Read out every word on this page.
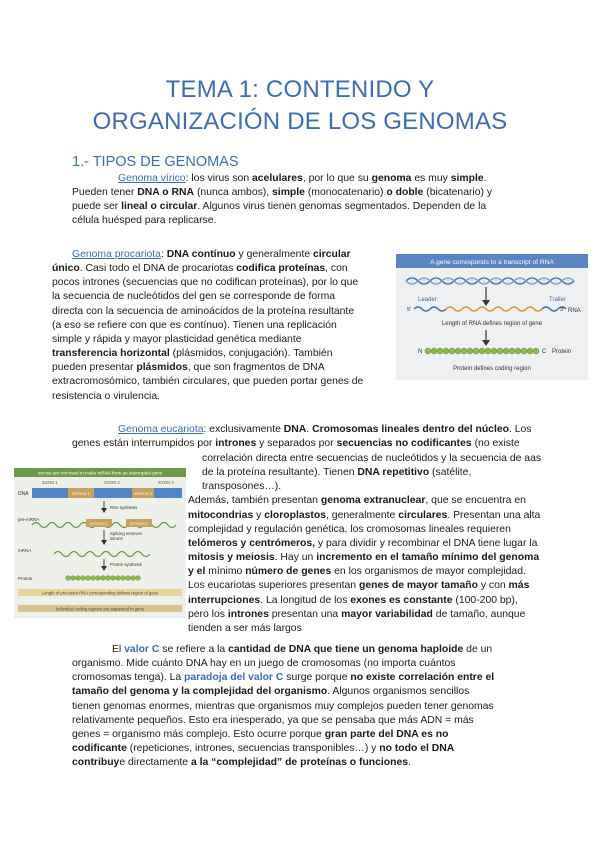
TEMA 1: CONTENIDO Y
ORGANIZACIÓN DE LOS GENOMAS
1.- TIPOS DE GENOMAS
Genoma vírico: los virus son acelulares, por lo que su genoma es muy simple.
Pueden tener DNA o RNA (nunca ambos), simple (monocatenario) o doble (bicatenario) y
puede ser lineal o circular. Algunos virus tienen genomas segmentados. Dependen de la
célula huésped para replicarse.
Genoma procariota: DNA contínuo y generalmente circular
único. Casi todo el DNA de procariotas codifica proteínas, con
pocos intrones (secuencias que no codifican proteínas), por lo que
la secuencia de nucleótidos del gen se corresponde de forma
directa con la secuencia de aminoácidos de la proteína resultante
(a eso se refiere con que es contínuo). Tienen una replicación
simple y rápida y mayor plasticidad genética mediante
transferencia horizontal (plásmidos, conjugación). También
pueden presentar plásmidos, que son fragmentos de DNA
extracromosómico, también circulares, que pueden portar genes de
resistencia o virulencia.
A gene corresponds to a transcript of RNA
Leader	Trailer
5'	3' RNA
Length of RNA defines region of gene
N	C Protein
Protein defines coding region
Genoma eucariota: exclusivamente DNA. Cromosomas lineales dentro del núcleo. Los
genes están interrumpidos por intrones y separados por secuencias no codificantes (no existe
correlación directa entre secuencias de nucleótidos y la secuencia de aas
de la proteína resultante). Tienen DNA repetitivo (satélite, transposones…).
Además, también presentan genoma extranuclear, que se encuentra en
mitocondrias y cloroplastos, generalmente circulares. Presentan una alta
complejidad y regulación genética, los cromosomas lineales requieren
telómeros y centrómeros, y para dividir y recombinar el DNA tiene lugar la
mitosis y meiosis. Hay un incremento en el tamaño mínimo del genoma
y el mínimo número de genes en los organismos de mayor complejidad.
Los eucariotas superiores presentan genes de mayor tamaño y con más
interrupciones. La longitud de los exones es constante (100-200 bp),
pero los intrones presentan una mayor variabilidad de tamaño, aunque
tienden a ser más largos
Introns are removed to make mRNA from an interrupted gene
DNA
EXON 1	EXON 2	EXON 3
INTRON 1	INTRON 2
RNA synthesis
pre-mRNA
INTRON 1	INTRON 2
Splicing removes
introns
mRNA
Protein synthesis
Protein
Length of precursor RNA corresponding defines region of gene
Individual coding regions are separated in gene
El valor C se refiere a la cantidad de DNA que tiene un genoma haploide de un
organismo. Mide cuánto DNA hay en un juego de cromosomas (no importa cuántos
cromosomas tenga). La paradoja del valor C surge porque no existe correlación entre el
tamaño del genoma y la complejidad del organismo. Algunos organismos sencillos
tienen genomas enormes, mientras que organismos muy complejos pueden tener genomas
relativamente pequeños. Esto era inesperado, ya que se pensaba que más ADN = más
genes = organismo más complejo. Esto ocurre porque gran parte del DNA es no
codificante (repeticiones, intrones, secuencias transponibles…) y no todo el DNA
contribuye directamente a la “complejidad” de proteínas o funciones.
